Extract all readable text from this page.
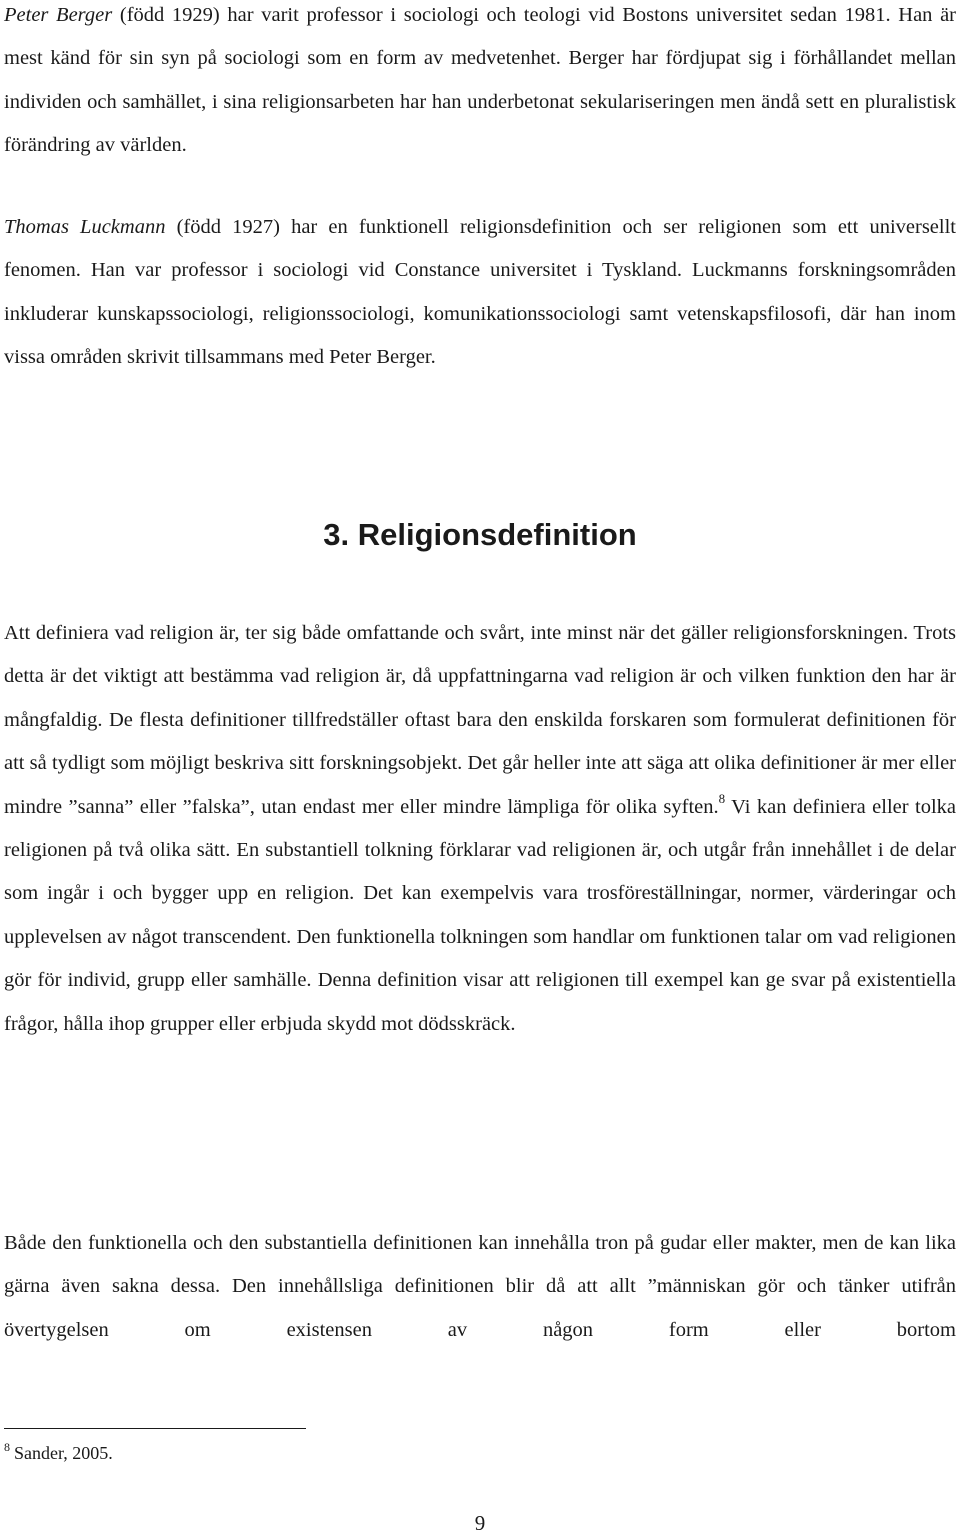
Peter Berger (född 1929) har varit professor i sociologi och teologi vid Bostons universitet sedan 1981. Han är mest känd för sin syn på sociologi som en form av medvetenhet. Berger har fördjupat sig i förhållandet mellan individen och samhället, i sina religionsarbeten har han underbetonat sekulariseringen men ändå sett en pluralistisk förändring av världen.

Thomas Luckmann (född 1927) har en funktionell religionsdefinition och ser religionen som ett universellt fenomen. Han var professor i sociologi vid Constance universitet i Tyskland. Luckmanns forskningsområden inkluderar kunskapssociologi, religionssociologi, komunikationssociologi samt vetenskapsfilosofi, där han inom vissa områden skrivit tillsammans med Peter Berger.

3. Religionsdefinition

Att definiera vad religion är, ter sig både omfattande och svårt, inte minst när det gäller religionsforskningen. Trots detta är det viktigt att bestämma vad religion är, då uppfattningarna vad religion är och vilken funktion den har är mångfaldig. De flesta definitioner tillfredställer oftast bara den enskilda forskaren som formulerat definitionen för att så tydligt som möjligt beskriva sitt forskningsobjekt. Det går heller inte att säga att olika definitioner är mer eller mindre ”sanna” eller ”falska”, utan endast mer eller mindre lämpliga för olika syften.$^8$ Vi kan definiera eller tolka religionen på två olika sätt. En substantiell tolkning förklarar vad religionen är, och utgår från innehållet i de delar som ingår i och bygger upp en religion. Det kan exempelvis vara trosföreställningar, normer, värderingar och upplevelsen av något transcendent. Den funktionella tolkningen som handlar om funktionen talar om vad religionen gör för individ, grupp eller samhälle. Denna definition visar att religionen till exempel kan ge svar på existentiella frågor, hålla ihop grupper eller erbjuda skydd mot dödsskräck.

Både den funktionella och den substantiella definitionen kan innehålla tron på gudar eller makter, men de kan lika gärna även sakna dessa. Den innehållsliga definitionen blir då att allt ”människan gör och tänker utifrån övertygelsen om existensen av någon form eller bortom

$^8$ Sander, 2005.

9
